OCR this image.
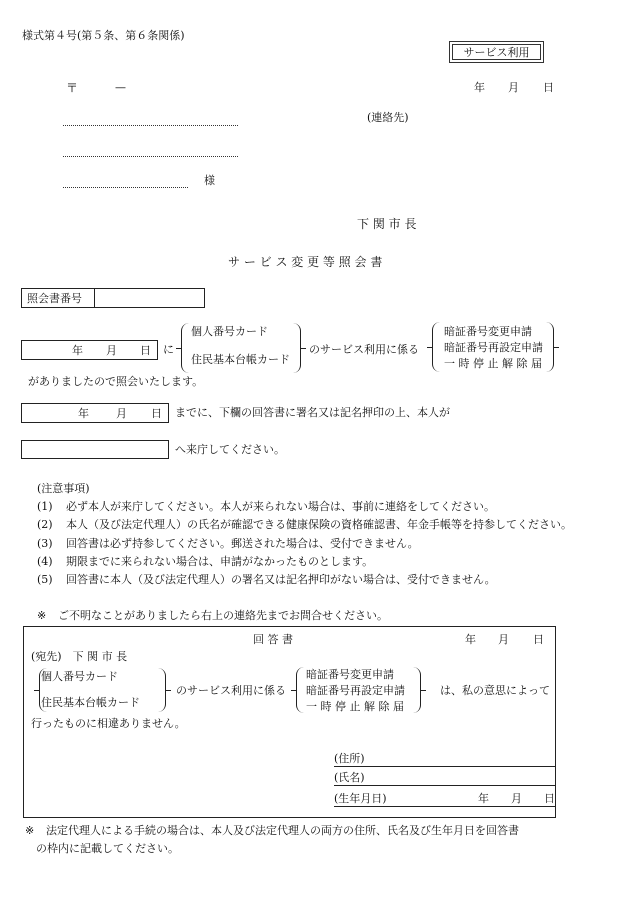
様式第４号(第５条、第６条関係)
サービス利用
〒	—	年 月 日
(連絡先)
様
下 関 市 長
サ ー ビ ス 変 更 等 照 会 書
照会書番号
年 月 日 に
個人番号カード
住民基本台帳カード
のサービス利用に係る
暗証番号変更申請
暗証番号再設定申請
一 時 停 止 解 除 届
がありましたので照会いたします。
年 月 日 までに、下欄の回答書に署名又は記名押印の上、本人が
へ来庁してください。
(注意事項)
(1) 必ず本人が来庁してください。本人が来られない場合は、事前に連絡をしてください。
(2) 本人（及び法定代理人）の氏名が確認できる健康保険の資格確認書、年金手帳等を持参してください。
(3) 回答書は必ず持参してください。郵送された場合は、受付できません。
(4) 期限までに来られない場合は、申請がなかったものとします。
(5) 回答書に本人（及び法定代理人）の署名又は記名押印がない場合は、受付できません。
※ ご不明なことがありましたら右上の連絡先までお問合せください。
回 答 書	年 月 日
(宛先)　下 関 市 長
個人番号カード
住民基本台帳カード
のサービス利用に係る
暗証番号変更申請
暗証番号再設定申請
一 時 停 止 解 除 届
は、私の意思によって
行ったものに相違ありません。
(住所)
(氏名)
(生年月日)	年 月 日
※ 法定代理人による手続の場合は、本人及び法定代理人の両方の住所、氏名及び生年月日を回答書
の枠内に記載してください。
